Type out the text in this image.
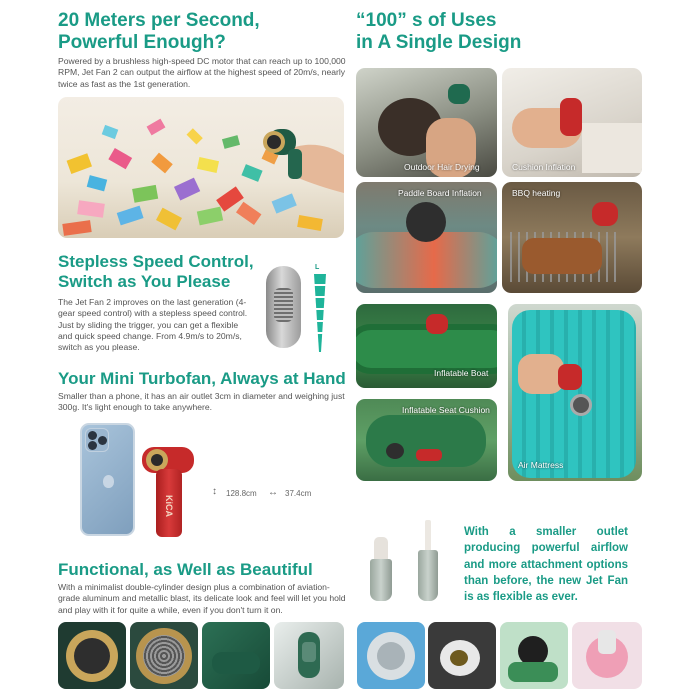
20 Meters per Second,
Powerful Enough?
Powered by a brushless high-speed DC motor that can reach up to 100,000 RPM, Jet Fan 2 can output the airflow at the highest speed of 20m/s, nearly twice as fast as the 1st generation.
Stepless Speed Control,
Switch as You Please
The Jet Fan 2 improves on the last generation (4-gear speed control) with a stepless speed control. Just by sliding the trigger, you can get a flexible and quick speed change. From 4.9m/s to 20m/s, switch as you please.
L
Your Mini Turbofan, Always at Hand
Smaller than a phone, it has an air outlet 3cm in diameter and weighing just 300g. It's light enough to take anywhere.
KiCA
↕ 128.8cm ↔ 37.4cm
Functional, as Well as Beautiful
With a minimalist double-cylinder design plus a combination of aviation-grade aluminum and metallic blast, its delicate look and feel will let you hold and play with it for quite a while, even if you don't turn it on.
“100” s of Uses
in A Single Design
Outdoor Hair Drying	Cushion Inflation
Paddle Board Inflation	BBQ heating
Inflatable Boat
Inflatable Seat Cushion
Air Mattress
With a smaller outlet producing powerful airflow and more attachment options than before, the new Jet Fan is as flexible as ever.
